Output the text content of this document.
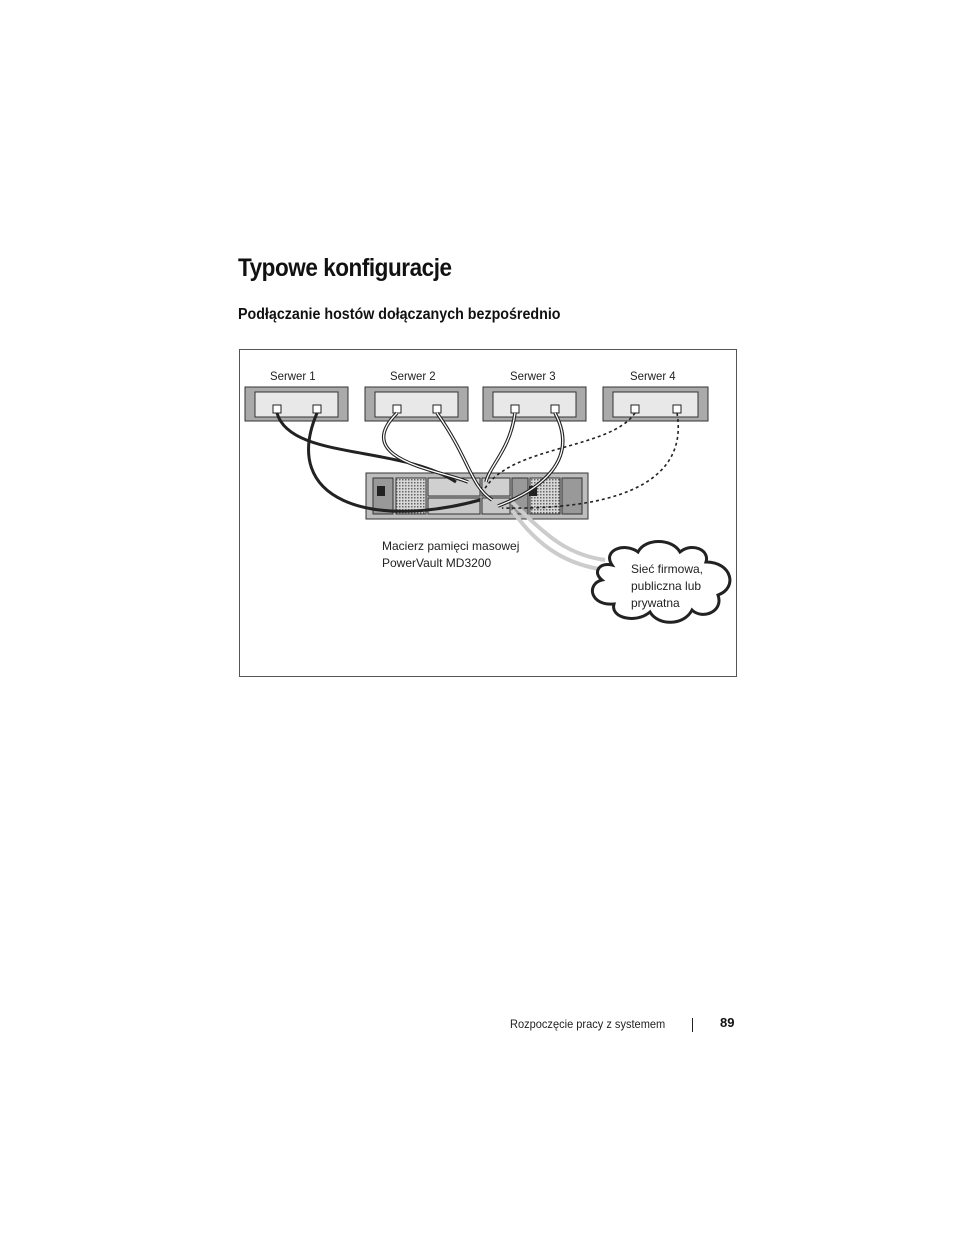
Typowe konfiguracje
Podłączanie hostów dołączanych bezpośrednio
Serwer 1	Serwer 2	Serwer 3	Serwer 4
Macierz pamięci masowej
PowerVault MD3200	Sieć firmowa,
publiczna lub
prywatna
Rozpoczęcie pracy z systemem	89
